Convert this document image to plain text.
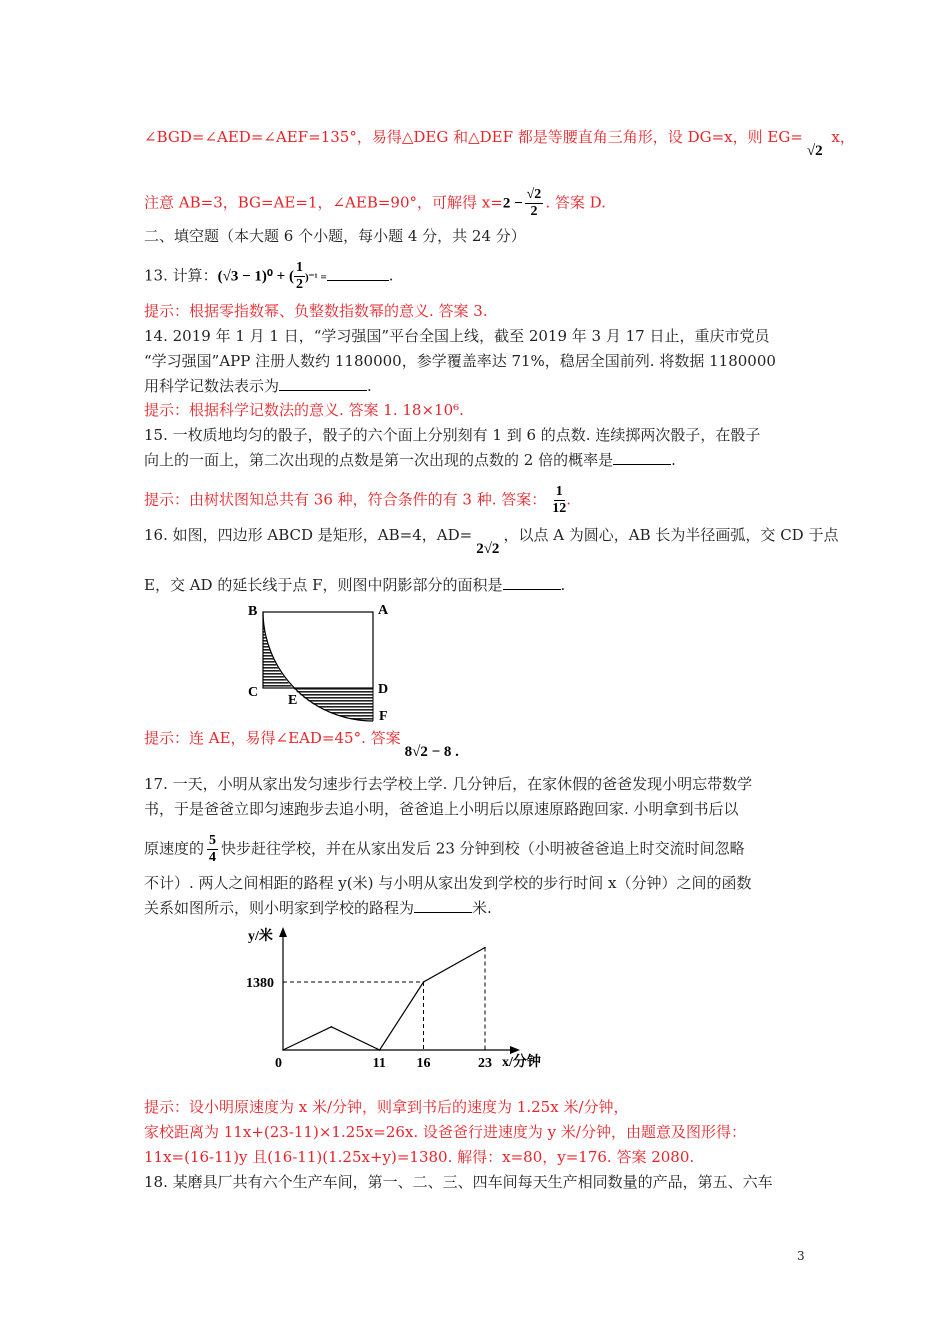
∠BGD=∠AED=∠AEF=135°，易得△DEG 和△DEF 都是等腰直角三角形，设 DG=x，则 EG=√2 x，
注意 AB=3，BG=AE=1，∠AEB=90°，可解得 $x=2 - \frac{√2}{2}$ . 答案 D.
二、填空题（本大题 6 个小题，每小题 4 分，共 24 分）
13. 计算：(√3 − 1)⁰ + ( $\frac{1}{2} )^{-1}$ =	.
提示：根据零指数幂、负整数指数幂的意义. 答案 3.
14. 2019 年 1 月 1 日，“学习强国”平台全国上线，截至 2019 年 3 月 17 日止，重庆市党员
“学习强国”APP 注册人数约 1180000，参学覆盖率达 71%，稳居全国前列. 将数据 1180000
用科学记数法表示为	.
提示：根据科学记数法的意义. 答案 1. 18×10⁶.
15. 一枚质地均匀的骰子，骰子的六个面上分别刻有 1 到 6 的点数. 连续掷两次骰子，在骰子
向上的一面上，第二次出现的点数是第一次出现的点数的 2 倍的概率是	.
提示：由树状图知总共有 36 种，符合条件的有 3 种. 答案： $\frac{1}{12}$ .
16. 如图，四边形 ABCD 是矩形，AB=4，AD=2√2，以点 A 为圆心，AB 长为半径画弧，交 CD 于点
E，交 AD 的延长线于点 F，则图中阴影部分的面积是	.
B	A
C
E
D
F
提示：连 AE，易得∠EAD=45°. 答案8√2 − 8 .
17. 一天，小明从家出发匀速步行去学校上学. 几分钟后，在家休假的爸爸发现小明忘带数学
书，于是爸爸立即匀速跑步去追小明，爸爸追上小明后以原速原路跑回家. 小明拿到书后以
原速度的 $\frac{5}{4}$ 快步赶往学校，并在从家出发后 23 分钟到校（小明被爸爸追上时交流时间忽略
不计）. 两人之间相距的路程 y(米) 与小明从家出发到学校的步行时间 x（分钟）之间的函数
关系如图所示，则小明家到学校的路程为	米.
11 16	23
y/米
x/分钟
0
1380
提示：设小明原速度为 x 米/分钟，则拿到书后的速度为 1.25x 米/分钟，
家校距离为 11x+(23-11)×1.25x=26x. 设爸爸行进速度为 y 米/分钟，由题意及图形得：
11x=(16-11)y 且(16-11)(1.25x+y)=1380. 解得：x=80，y=176. 答案 2080.
18. 某磨具厂共有六个生产车间，第一、二、三、四车间每天生产相同数量的产品，第五、六车
3
